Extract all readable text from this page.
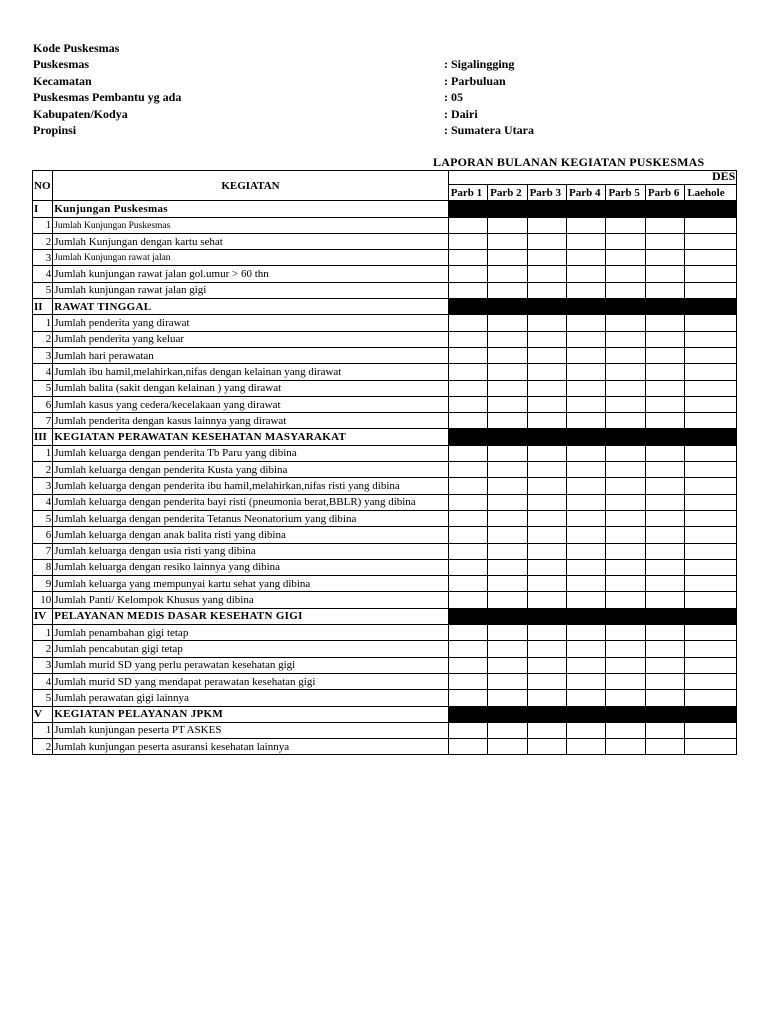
Kode Puskesmas
Puskesmas	: Sigalingging
Kecamatan	: Parbuluan
Puskesmas Pembantu yg ada	: 05
Kabupaten/Kodya	: Dairi
Propinsi	: Sumatera Utara
LAPORAN BULANAN KEGIATAN PUSKESMAS
DES
NO	KEGIATAN							
		Parb 1	Parb 2	Parb 3	Parb 4	Parb 5	Parb 6	Laehole
I	Kunjungan Puskesmas							
1	Jumlah Kunjungan Puskesmas							
2	Jumlah Kunjungan dengan kartu sehat							
3	Jumlah Kunjungan rawat jalan							
4	Jumlah kunjungan rawat jalan gol.umur > 60 thn							
5	Jumlah kunjungan rawat jalan gigi							
II	RAWAT TINGGAL							
1	Jumlah penderita yang dirawat							
2	Jumlah penderita yang keluar							
3	Jumlah hari perawatan							
4	Jumlah ibu hamil,melahirkan,nifas dengan kelainan yang dirawat							
5	Jumlah balita (sakit dengan kelainan ) yang dirawat							
6	Jumlah kasus yang cedera/kecelakaan yang dirawat							
7	Jumlah penderita dengan kasus lainnya yang dirawat							
III	KEGIATAN PERAWATAN KESEHATAN MASYARAKAT							
1	Jumlah keluarga dengan penderita Tb Paru yang dibina							
2	Jumlah keluarga dengan penderita Kusta yang dibina							
3	Jumlah keluarga dengan penderita ibu hamil,melahirkan,nifas risti yang dibina							
4	Jumlah keluarga dengan penderita bayi risti (pneumonia berat,BBLR) yang dibina							
5	Jumlah keluarga dengan penderita Tetanus Neonatorium yang dibina							
6	Jumlah keluarga dengan anak balita risti yang dibina							
7	Jumlah keluarga dengan usia risti yang dibina							
8	Jumlah keluarga dengan resiko lainnya yang dibina							
9	Jumlah keluarga yang mempunyai kartu sehat yang dibina							
10	Jumlah Panti/ Kelompok Khusus yang dibina							
IV	PELAYANAN MEDIS DASAR KESEHATN GIGI							
1	Jumlah penambahan gigi tetap							
2	Jumlah pencabutan gigi tetap							
3	Jumlah murid SD yang perlu perawatan kesehatan gigi							
4	Jumlah murid SD yang mendapat perawatan kesehatan gigi							
5	Jumlah perawatan gigi lainnya							
V	KEGIATAN PELAYANAN JPKM							
1	Jumlah kunjungan peserta PT ASKES							
2	Jumlah kunjungan peserta asuransi kesehatan lainnya							
